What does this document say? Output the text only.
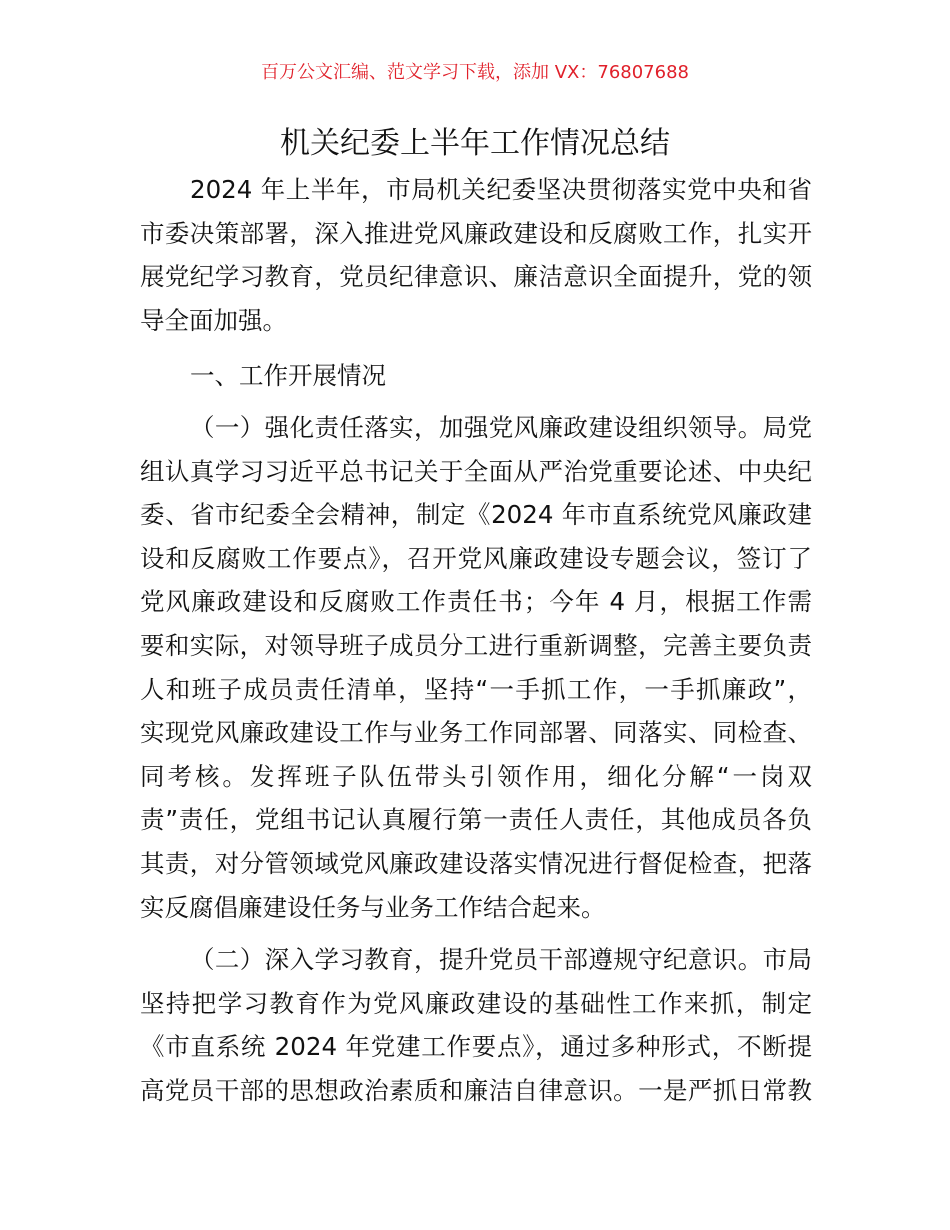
百万公文汇编、范文学习下载，添加 VX：76807688
机关纪委上半年工作情况总结
2024 年上半年，市局机关纪委坚决贯彻落实党中央和省
市委决策部署，深入推进党风廉政建设和反腐败工作，扎实开
展党纪学习教育，党员纪律意识、廉洁意识全面提升，党的领
导全面加强。
一、工作开展情况
（一）强化责任落实，加强党风廉政建设组织领导。局党
组认真学习习近平总书记关于全面从严治党重要论述、中央纪
委、省市纪委全会精神，制定《2024 年市直系统党风廉政建
设和反腐败工作要点》，召开党风廉政建设专题会议，签订了
党风廉政建设和反腐败工作责任书；今年 4 月，根据工作需
要和实际，对领导班子成员分工进行重新调整，完善主要负责
人和班子成员责任清单，坚持“一手抓工作，一手抓廉政”，
实现党风廉政建设工作与业务工作同部署、同落实、同检查、
同考核。发挥班子队伍带头引领作用，细化分解“一岗双
责”责任，党组书记认真履行第一责任人责任，其他成员各负
其责，对分管领域党风廉政建设落实情况进行督促检查，把落
实反腐倡廉建设任务与业务工作结合起来。
（二）深入学习教育，提升党员干部遵规守纪意识。市局
坚持把学习教育作为党风廉政建设的基础性工作来抓，制定
《市直系统 2024 年党建工作要点》，通过多种形式，不断提
高党员干部的思想政治素质和廉洁自律意识。一是严抓日常教
